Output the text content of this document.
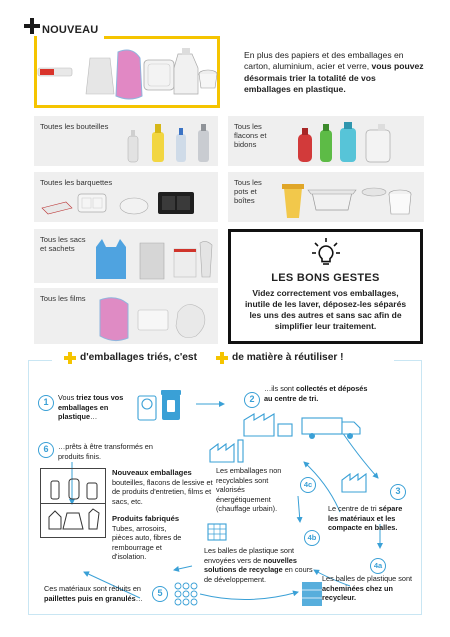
NOUVEAU
En plus des papiers et des emballages en carton, aluminium, acier et verre, vous pouvez désormais trier la totalité de vos emballages en plastique.
Toutes les bouteilles	Tous les flacons et bidons
Toutes les barquettes	Tous les pots et boîtes
Tous les sacs et sachets
Tous les films
LES BONS GESTES
Videz correctement vos emballages, inutile de les laver, déposez-les séparés les uns des autres et sans sac afin de simplifier leur traitement.
d'emballages triés, c'est	de matière à réutiliser !
1	Vous triez tous vos emballages en plastique…
2
…ils sont collectés et déposés au centre de tri.
Les emballages non recyclables sont valorisés énergétiquement (chauffage urbain).
4c
3
Le centre de tri sépare les matériaux et les compacte en balles.
6	…prêts à être transformés en produits finis.
Nouveaux emballages
bouteilles, flacons de lessive et de produits d'entretien, films et sacs, etc.
Produits fabriqués
Tubes, arrosoirs, pièces auto, fibres de rembourrage et d'isolation.
4b
Les balles de plastique sont envoyées vers de nouvelles solutions de recyclage en cours de développement.
4a
Les balles de plastique sont acheminées chez un recycleur.
Ces matériaux sont réduits en paillettes puis en granulés…	5
